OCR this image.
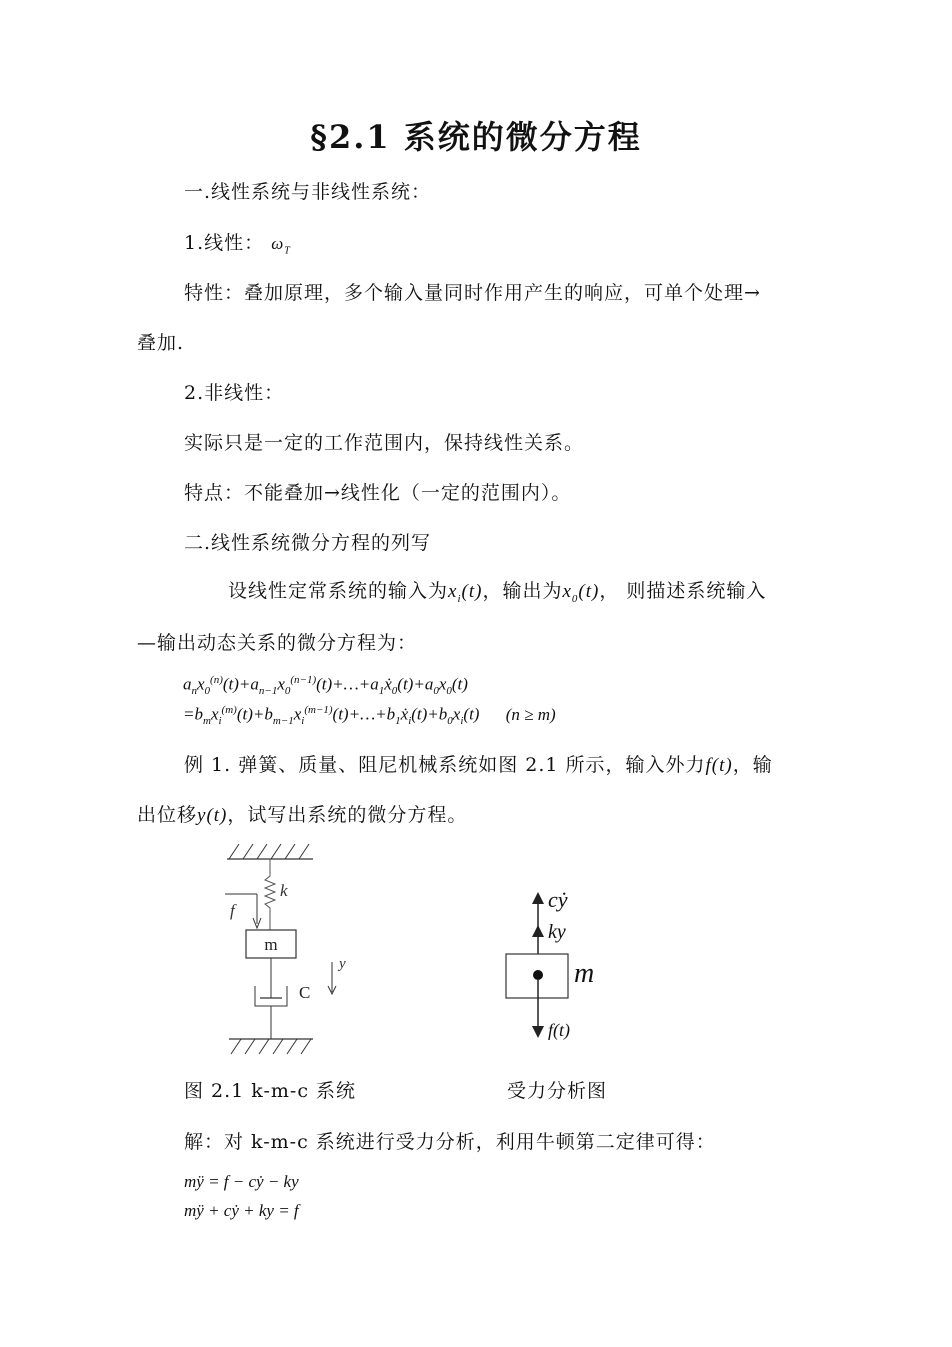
§2.1 系统的微分方程
一.线性系统与非线性系统：
1.线性： $\omega_T$
特性：叠加原理，多个输入量同时作用产生的响应，可单个处理→
叠加.
2.非线性：
实际只是一定的工作范围内，保持线性关系。
特点：不能叠加→线性化（一定的范围内）。
二.线性系统微分方程的列写
设线性定常系统的输入为$x_i(t)$，输出为$x_0(t)$， 则描述系统输入
—输出动态关系的微分方程为：
$a_nx_0^{(n)}(t)+a_{n-1}x_0^{(n-1)}(t)+\dots+a_1ẋ_0(t)+a_0x_0(t)$
$=b_mx_i^{(m)}(t)+b_{m-1}x_i^{(m-1)}(t)+\dots+b_1ẋ_i(t)+b_0x_i(t) (n \ge m)$
例 1. 弹簧、质量、阻尼机械系统如图 2.1 所示，输入外力f(t)，输
出位移y(t)，试写出系统的微分方程。
k
f
m
y
C
cẏ
ky
m
f(t)
图 2.1 k-m-c 系统	受力分析图
解：对 k-m-c 系统进行受力分析，利用牛顿第二定律可得：
mÿ = f − cẏ − ky
mÿ + cẏ + ky = f
